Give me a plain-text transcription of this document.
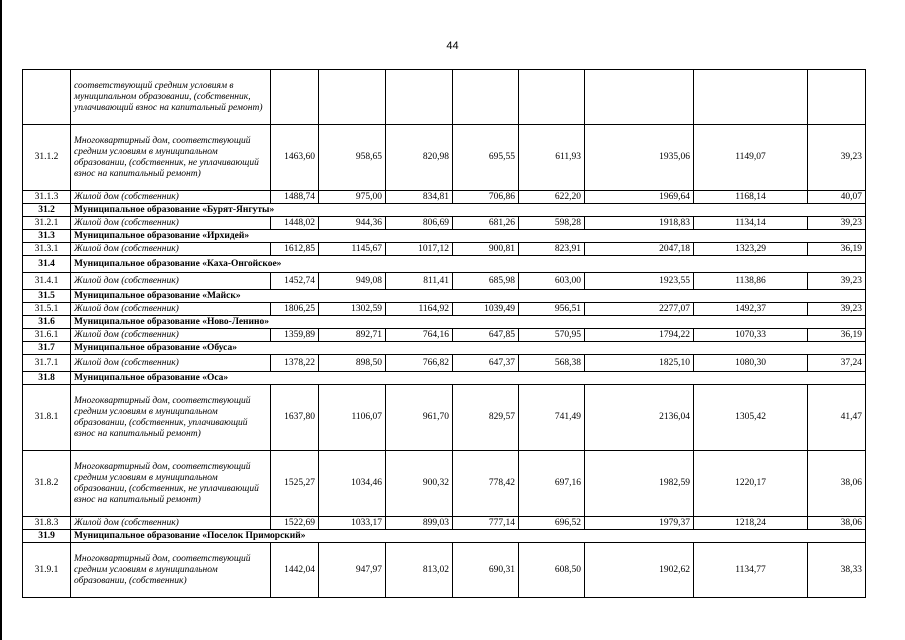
44
	соответствующий средним условиям в муниципальном образовании, (собственник, уплачивающий взнос на капитальный ремонт)								
31.1.2	Многоквартирный дом, соответствующий средним условиям в муниципальном образовании, (собственник, не уплачивающий взнос на капитальный ремонт)	1463,60	958,65	820,98	695,55	611,93	1935,06	1149,07	39,23
31.1.3	Жилой дом (собственник)	1488,74	975,00	834,81	706,86	622,20	1969,64	1168,14	40,07
31.2	Муниципальное образование «Бурят-Янгуты»								
31.2.1	Жилой дом (собственник)	1448,02	944,36	806,69	681,26	598,28	1918,83	1134,14	39,23
31.3	Муниципальное образование «Ирхидей»								
31.3.1	Жилой дом (собственник)	1612,85	1145,67	1017,12	900,81	823,91	2047,18	1323,29	36,19
31.4	Муниципальное образование «Каха-Онгойское»								
31.4.1	Жилой дом (собственник)	1452,74	949,08	811,41	685,98	603,00	1923,55	1138,86	39,23
31.5	Муниципальное образование «Майск»								
31.5.1	Жилой дом (собственник)	1806,25	1302,59	1164,92	1039,49	956,51	2277,07	1492,37	39,23
31.6	Муниципальное образование «Ново-Ленино»								
31.6.1	Жилой дом (собственник)	1359,89	892,71	764,16	647,85	570,95	1794,22	1070,33	36,19
31.7	Муниципальное образование «Обуса»								
31.7.1	Жилой дом (собственник)	1378,22	898,50	766,82	647,37	568,38	1825,10	1080,30	37,24
31.8	Муниципальное образование «Оса»								
31.8.1	Многоквартирный дом, соответствующий средним условиям в муниципальном образовании, (собственник, уплачивающий взнос на капитальный ремонт)	1637,80	1106,07	961,70	829,57	741,49	2136,04	1305,42	41,47
31.8.2	Многоквартирный дом, соответствующий средним условиям в муниципальном образовании, (собственник, не уплачивающий взнос на капитальный ремонт)	1525,27	1034,46	900,32	778,42	697,16	1982,59	1220,17	38,06
31.8.3	Жилой дом (собственник)	1522,69	1033,17	899,03	777,14	696,52	1979,37	1218,24	38,06
31.9	Муниципальное образование «Поселок Приморский»								
31.9.1	Многоквартирный дом, соответствующий средним условиям в муниципальном образовании, (собственник)	1442,04	947,97	813,02	690,31	608,50	1902,62	1134,77	38,33
